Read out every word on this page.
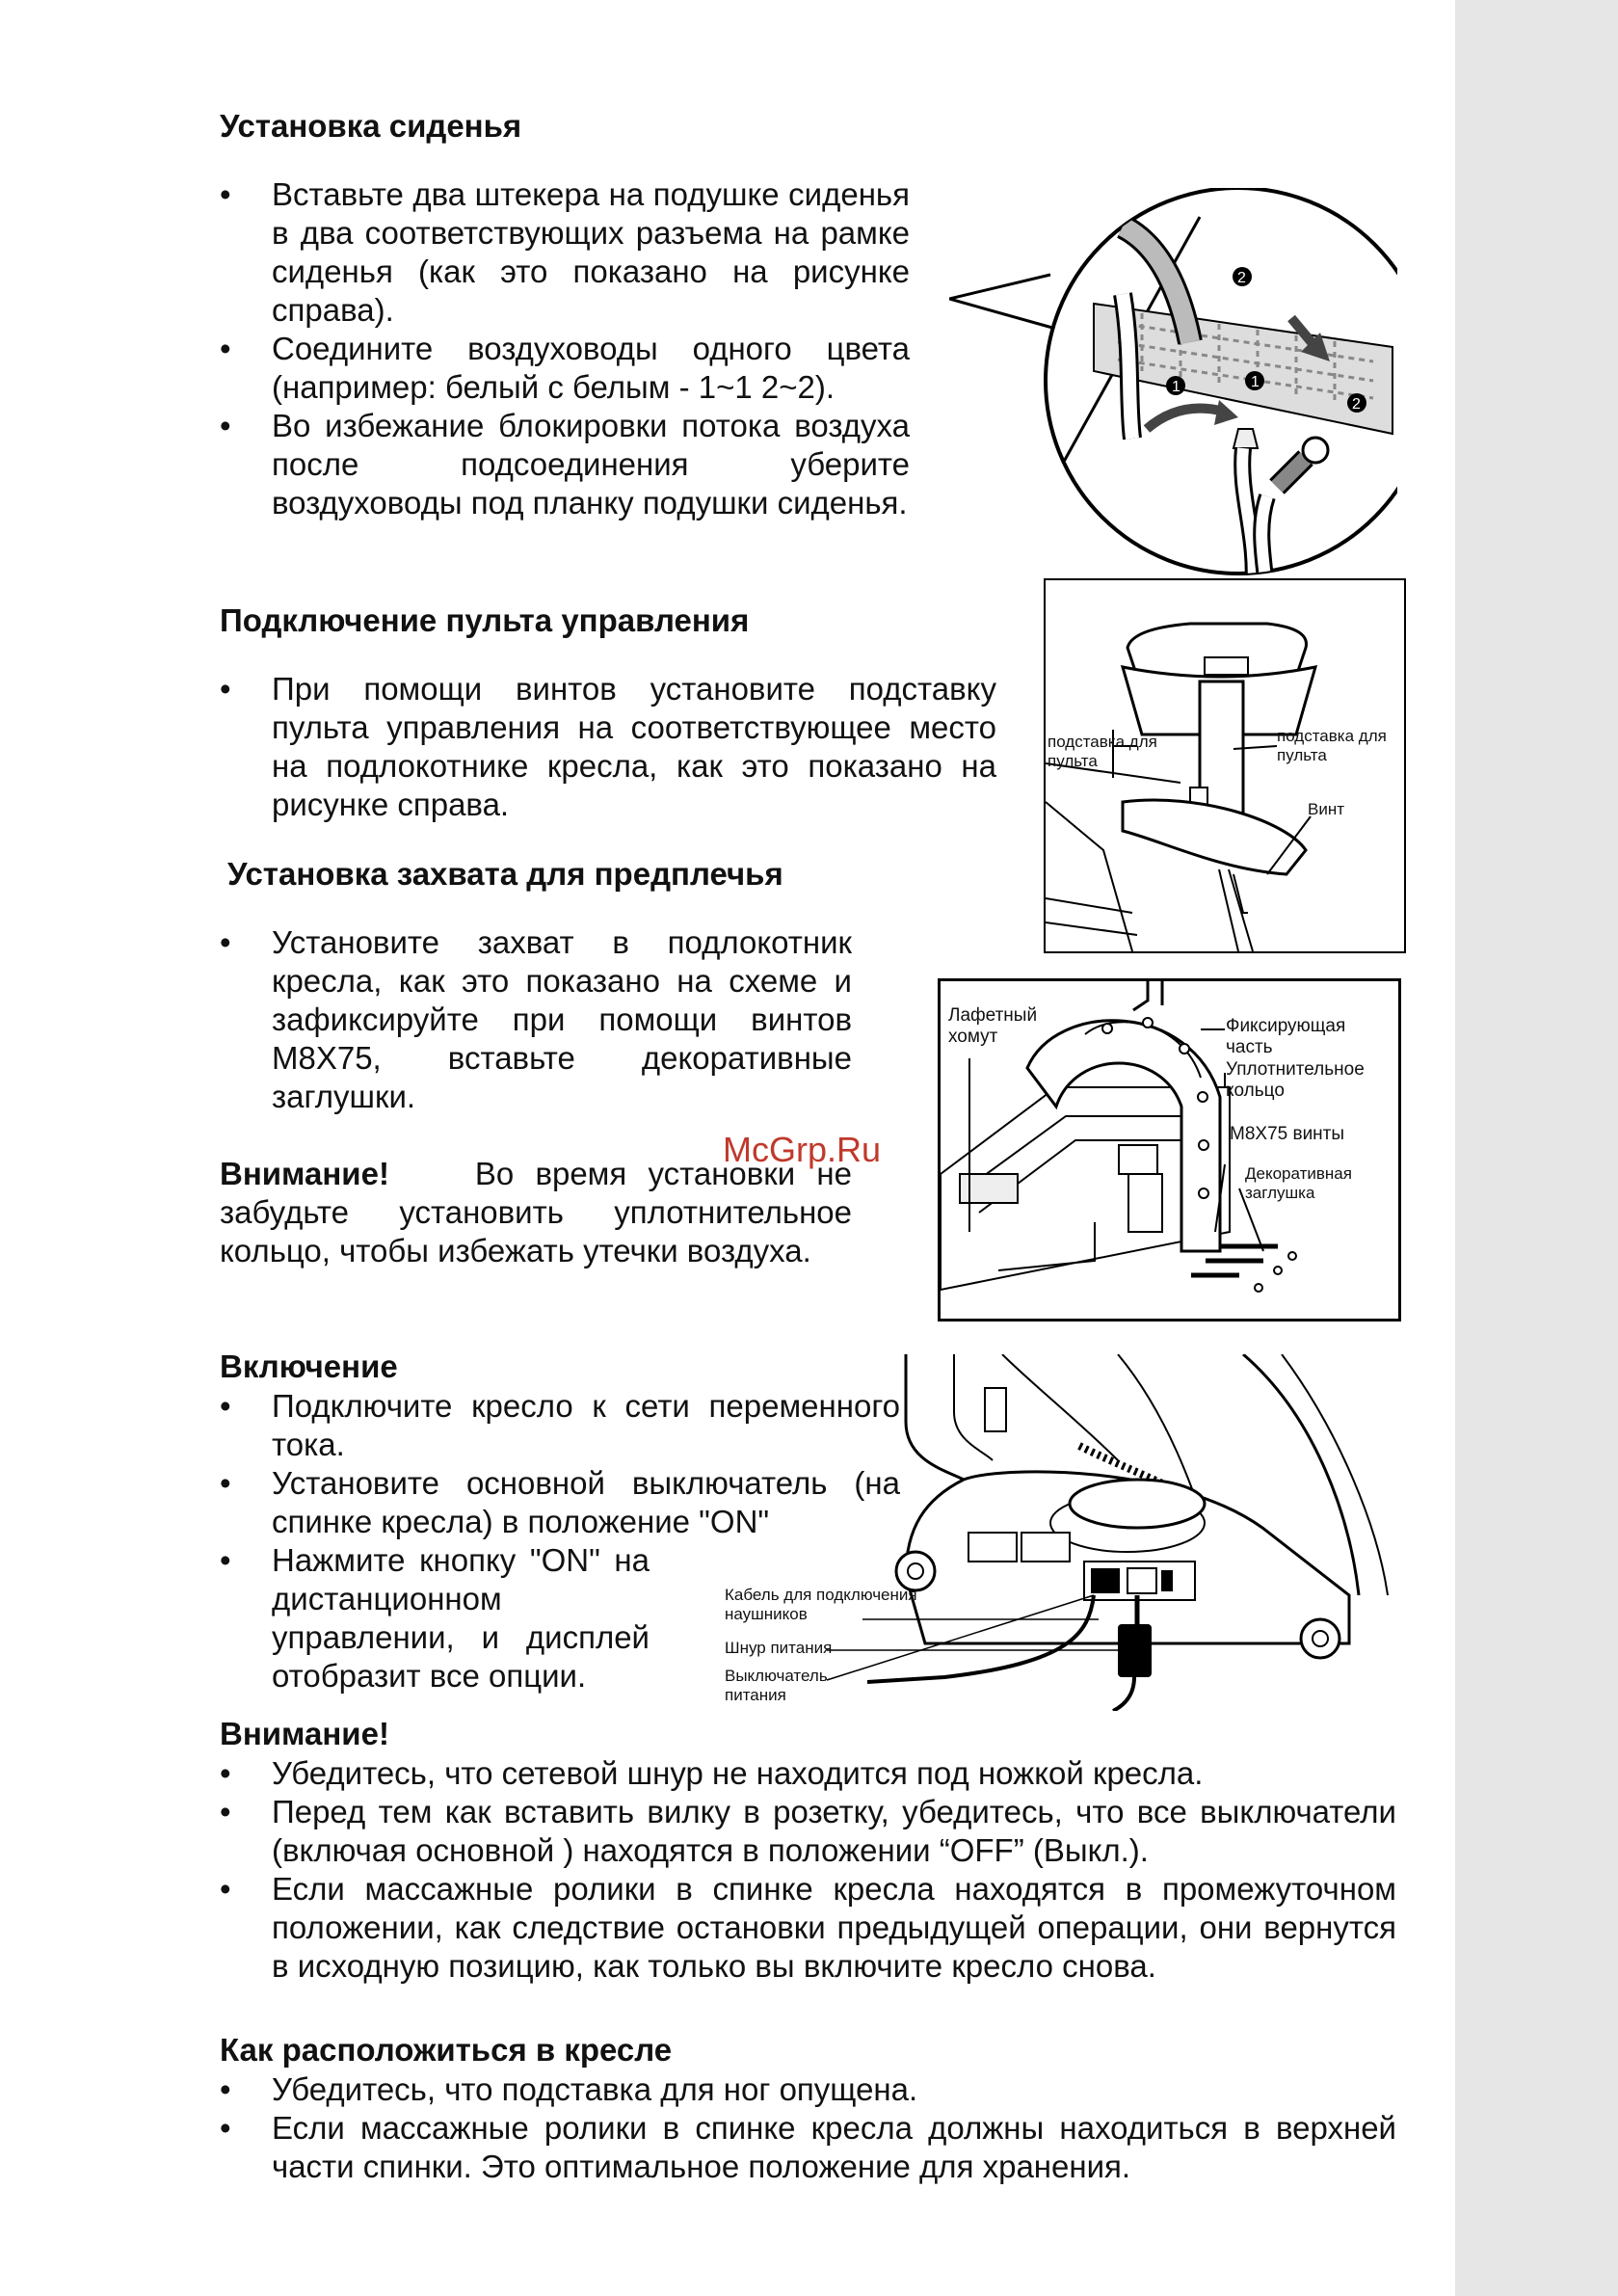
Установка сиденья
• Вставьте два штекера на подушке сиденья в два соответствующих разъема на рамке сиденья (как это показано на рисунке справа).
• Соедините воздуховоды одного цвета (например: белый с белым - 1~1 2~2).
• Во избежание блокировки потока воздуха после подсоединения уберите воздуховоды под планку подушки сиденья.
1	1
2
2
Подключение пульта управления
• При помощи винтов установите подставку пульта управления на соответствующее место на подлокотнике кресла, как это показано на рисунке справа.
подставка для пульта
подставка для пульта
Винт
Установка захвата для предплечья
• Установите захват в подлокотник кресла, как это показано на схеме и зафиксируйте при помощи винтов M8X75, вставьте декоративные заглушки.

Внимание!	Во время установки не забудьте установить уплотнительное кольцо, чтобы избежать утечки воздуха.

Лафетный хомут
Фиксирующая часть
Уплотнительное кольцо
M8X75 винты
Декоративная заглушка
McGrp.Ru
Включение
• Подключите кресло к сети переменного тока.
• Установите основной выключатель (на спинке кресла) в положение "ON"
• Нажмите кнопку "ON" на дистанционном управлении, и дисплей отобразит все опции.
Кабель для подключения наушников
Шнур питания
Выключатель питания
Внимание!
• Убедитесь, что сетевой шнур не находится под ножкой кресла.
• Перед тем как вставить вилку в розетку, убедитесь, что все выключатели (включая основной ) находятся в положении “OFF” (Выкл.).
• Если массажные ролики в спинке кресла находятся в промежуточном положении, как следствие остановки предыдущей операции, они вернутся в исходную позицию, как только вы включите кресло снова.
Как расположиться в кресле
• Убедитесь, что подставка для ног опущена.
• Если массажные ролики в спинке кресла должны находиться в верхней части спинки. Это оптимальное положение для хранения.
